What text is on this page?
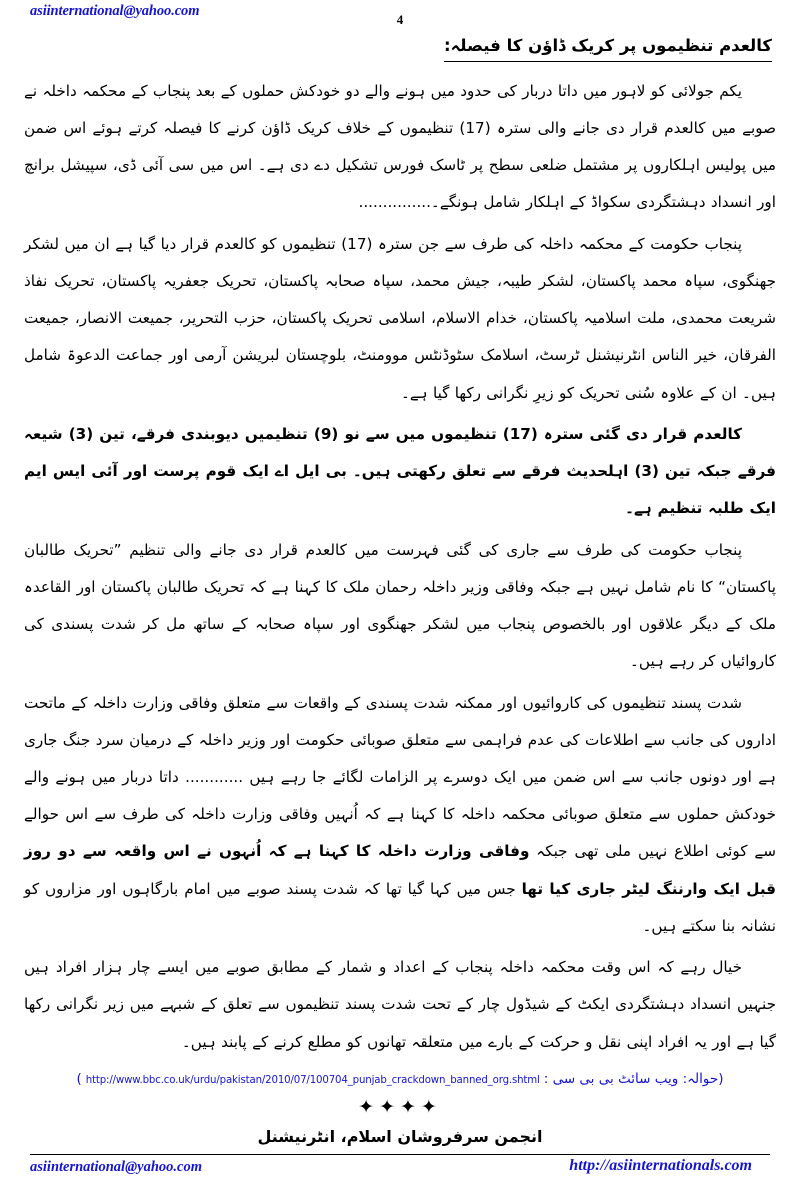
asiinternational@yahoo.com
4
کالعدم تنظیموں پر کریک ڈاؤن کا فیصلہ:

یکم جولائی کو لاہور میں داتا دربار کی حدود میں ہونے والے دو خودکش حملوں کے بعد پنجاب کے محکمہ داخلہ نے صوبے میں کالعدم قرار دی جانے والی سترہ (17) تنظیموں کے خلاف کریک ڈاؤن کرنے کا فیصلہ کرتے ہوئے اس ضمن میں پولیس اہلکاروں پر مشتمل ضلعی سطح پر ٹاسک فورس تشکیل دے دی ہے۔ اس میں سی آئی ڈی، سپیشل برانچ اور انسداد دہشتگردی سکواڈ کے اہلکار شامل ہونگے۔...............

پنجاب حکومت کے محکمہ داخلہ کی طرف سے جن سترہ (17) تنظیموں کو کالعدم قرار دیا گیا ہے ان میں لشکر جھنگوی، سپاہ محمد پاکستان، لشکر طیبہ، جیش محمد، سپاہ صحابہ پاکستان، تحریک جعفریہ پاکستان، تحریک نفاذ شریعت محمدی، ملت اسلامیہ پاکستان، خدام الاسلام، اسلامی تحریک پاکستان، حزب التحریر، جمیعت الانصار، جمیعت الفرقان، خیر الناس انٹرنیشنل ٹرسٹ، اسلامک سٹوڈنٹس موومنٹ، بلوچستان لبریشن آرمی اور جماعت الدعوۃ شامل ہیں۔ ان کے علاوہ سُنی تحریک کو زیرِ نگرانی رکھا گیا ہے۔

کالعدم قرار دی گئی سترہ (17) تنظیموں میں سے نو (9) تنظیمیں دیوبندی فرقے، تین (3) شیعہ فرقے جبکہ تین (3) اہلحدیث فرقے سے تعلق رکھتی ہیں۔ بی ایل اے ایک قوم پرست اور آئی ایس ایم ایک طلبہ تنظیم ہے۔

پنجاب حکومت کی طرف سے جاری کی گئی فہرست میں کالعدم قرار دی جانے والی تنظیم ”تحریک طالبان پاکستان“ کا نام شامل نہیں ہے جبکہ وفاقی وزیر داخلہ رحمان ملک کا کہنا ہے کہ تحریک طالبان پاکستان اور القاعدہ ملک کے دیگر علاقوں اور بالخصوص پنجاب میں لشکر جھنگوی اور سپاہ صحابہ کے ساتھ مل کر شدت پسندی کی کاروائیاں کر رہے ہیں۔

شدت پسند تنظیموں کی کاروائیوں اور ممکنہ شدت پسندی کے واقعات سے متعلق وفاقی وزارت داخلہ کے ماتحت اداروں کی جانب سے اطلاعات کی عدم فراہمی سے متعلق صوبائی حکومت اور وزیر داخلہ کے درمیان سرد جنگ جاری ہے اور دونوں جانب سے اس ضمن میں ایک دوسرے پر الزامات لگائے جا رہے ہیں ............ داتا دربار میں ہونے والے خودکش حملوں سے متعلق صوبائی محکمہ داخلہ کا کہنا ہے کہ اُنہیں وفاقی وزارت داخلہ کی طرف سے اس حوالے سے کوئی اطلاع نہیں ملی تھی جبکہ وفاقی وزارت داخلہ کا کہنا ہے کہ اُنہوں نے اس واقعہ سے دو روز قبل ایک وارننگ لیٹر جاری کیا تھا جس میں کہا گیا تھا کہ شدت پسند صوبے میں امام بارگاہوں اور مزاروں کو نشانہ بنا سکتے ہیں۔

خیال رہے کہ اس وقت محکمہ داخلہ پنجاب کے اعداد و شمار کے مطابق صوبے میں ایسے چار ہزار افراد ہیں جنہیں انسداد دہشتگردی ایکٹ کے شیڈول چار کے تحت شدت پسند تنظیموں سے تعلق کے شبہے میں زیر نگرانی رکھا گیا ہے اور یہ افراد اپنی نقل و حرکت کے بارے میں متعلقہ تھانوں کو مطلع کرنے کے پابند ہیں۔

(حوالہ: ویب سائٹ بی بی سی : http://www.bbc.co.uk/urdu/pakistan/2010/07/100704_punjab_crackdown_banned_org.shtml )
✦✦✦✦
انجمن سرفروشان اسلام، انٹرنیشنل
asiinternational@yahoo.com	http://asiinternationals.com
